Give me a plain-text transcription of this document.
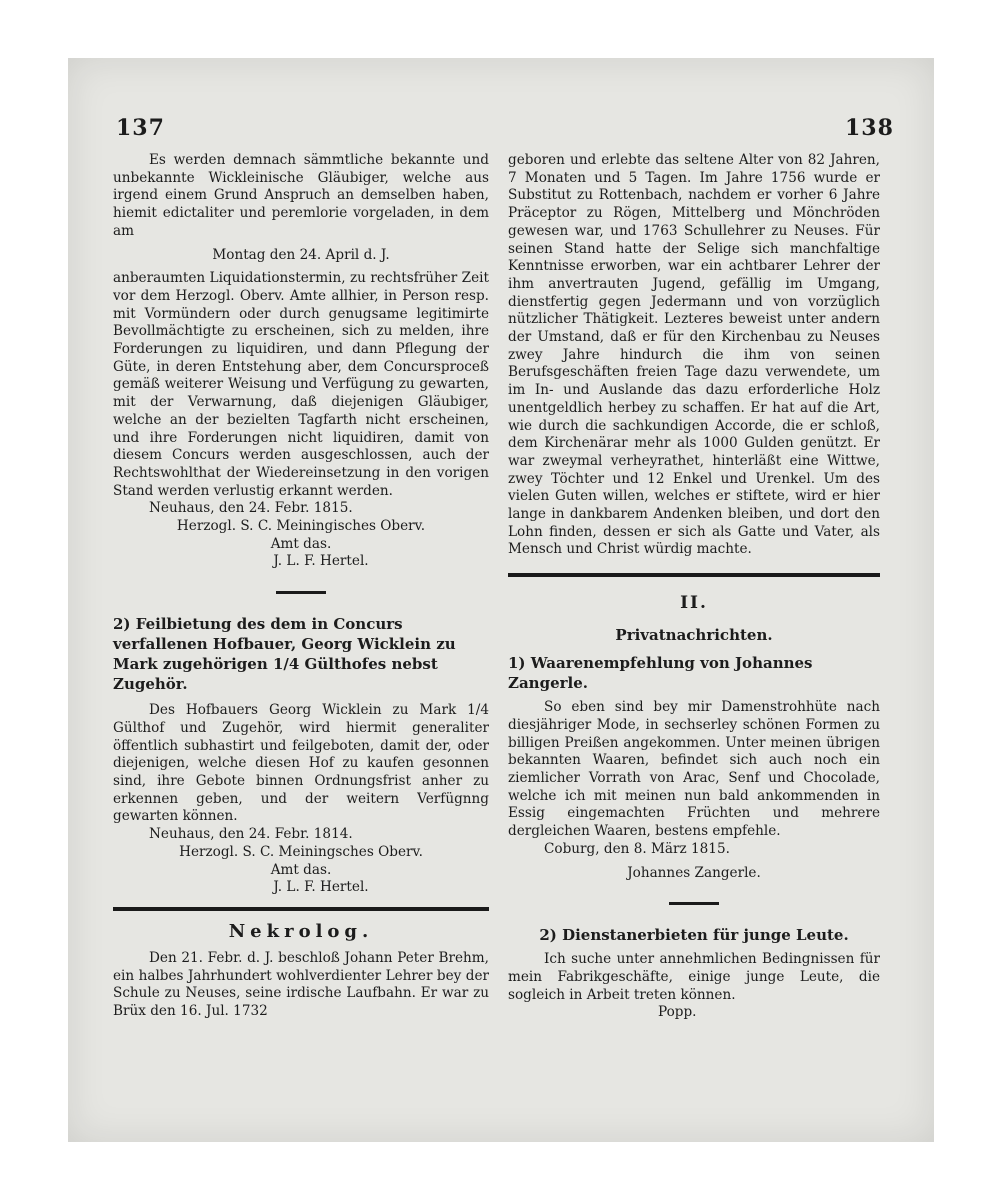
137	138

Es werden demnach sämmtliche bekannte und unbekannte Wickleinische Gläubiger, welche aus irgend einem Grund Anspruch an demselben haben, hiemit edictaliter und peremlorie vorgeladen, in dem am

Montag den 24. April d. J.

anberaumten Liquidationstermin, zu rechtsfrüher Zeit vor dem Herzogl. Oberv. Amte allhier, in Person resp. mit Vormündern oder durch genugsame legitimirte Bevollmächtigte zu erscheinen, sich zu melden, ihre Forderungen zu liquidiren, und dann Pflegung der Güte, in deren Entstehung aber, dem Concursproceß gemäß weiterer Weisung und Verfügung zu gewarten, mit der Verwarnung, daß diejenigen Gläubiger, welche an der bezielten Tagfarth nicht erscheinen, und ihre Forderungen nicht liquidiren, damit von diesem Concurs werden ausgeschlossen, auch der Rechtswohlthat der Wiedereinsetzung in den vorigen Stand werden verlustig erkannt werden.

Neuhaus, den 24. Febr. 1815.

Herzogl. S. C. Meiningisches Oberv.

Amt das.

J. L. F. Hertel.

2) Feilbietung des dem in Concurs verfallenen Hofbauer, Georg Wicklein zu Mark zugehörigen 1/4 Gülthofes nebst Zugehör.

Des Hofbauers Georg Wicklein zu Mark 1/4 Gülthof und Zugehör, wird hiermit generaliter öffentlich subhastirt und feilgeboten, damit der, oder diejenigen, welche diesen Hof zu kaufen gesonnen sind, ihre Gebote binnen Ordnungsfrist anher zu erkennen geben, und der weitern Verfügnng gewarten können.

Neuhaus, den 24. Febr. 1814.

Herzogl. S. C. Meiningsches Oberv.

Amt das.

J. L. F. Hertel.

Nekrolog.

Den 21. Febr. d. J. beschloß Johann Peter Brehm, ein halbes Jahrhundert wohlverdienter Lehrer bey der Schule zu Neuses, seine irdische Laufbahn. Er war zu Brüx den 16. Jul. 1732

geboren und erlebte das seltene Alter von 82 Jahren, 7 Monaten und 5 Tagen. Im Jahre 1756 wurde er Substitut zu Rottenbach, nachdem er vorher 6 Jahre Präceptor zu Rögen, Mittelberg und Mönchröden gewesen war, und 1763 Schullehrer zu Neuses. Für seinen Stand hatte der Selige sich manchfaltige Kenntnisse erworben, war ein achtbarer Lehrer der ihm anvertrauten Jugend, gefällig im Umgang, dienstfertig gegen Jedermann und von vorzüglich nützlicher Thätigkeit. Lezteres beweist unter andern der Umstand, daß er für den Kirchenbau zu Neuses zwey Jahre hindurch die ihm von seinen Berufsgeschäften freien Tage dazu verwendete, um im In- und Auslande das dazu erforderliche Holz unentgeldlich herbey zu schaffen. Er hat auf die Art, wie durch die sachkundigen Accorde, die er schloß, dem Kirchenärar mehr als 1000 Gulden genützt. Er war zweymal verheyrathet, hinterläßt eine Wittwe, zwey Töchter und 12 Enkel und Urenkel. Um des vielen Guten willen, welches er stiftete, wird er hier lange in dankbarem Andenken bleiben, und dort den Lohn finden, dessen er sich als Gatte und Vater, als Mensch und Christ würdig machte.

II.

Privatnachrichten.

1) Waarenempfehlung von Johannes Zangerle.

So eben sind bey mir Damenstrohhüte nach diesjähriger Mode, in sechserley schönen Formen zu billigen Preißen angekommen. Unter meinen übrigen bekannten Waaren, befindet sich auch noch ein ziemlicher Vorrath von Arac, Senf und Chocolade, welche ich mit meinen nun bald ankommenden in Essig eingemachten Früchten und mehrere dergleichen Waaren, bestens empfehle.

Coburg, den 8. März 1815.

Johannes Zangerle.

2) Dienstanerbieten für junge Leute.

Ich suche unter annehmlichen Bedingnissen für mein Fabrikgeschäfte, einige junge Leute, die sogleich in Arbeit treten können.

Popp.
